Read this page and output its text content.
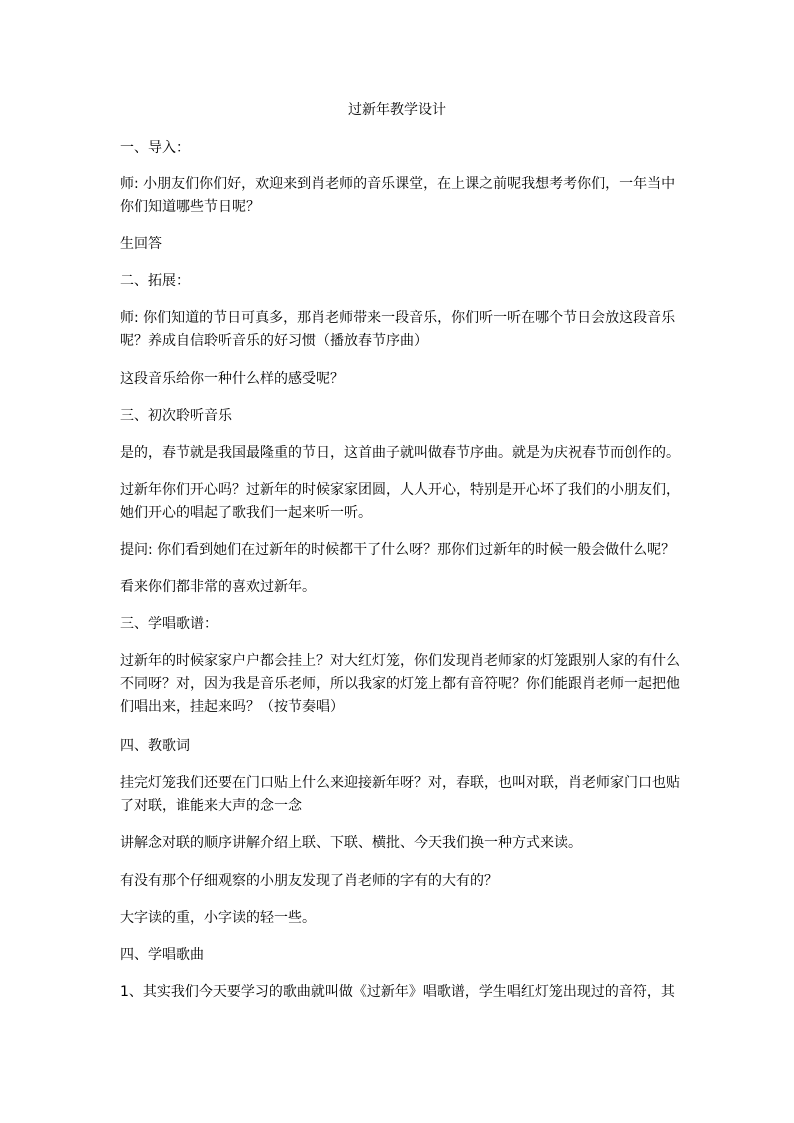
过新年教学设计
一、导入：
师: 小朋友们你们好，欢迎来到肖老师的音乐课堂，在上课之前呢我想考考你们，一年当中
你们知道哪些节日呢？
生回答
二、拓展：
师: 你们知道的节日可真多，那肖老师带来一段音乐，你们听一听在哪个节日会放这段音乐
呢？养成自信聆听音乐的好习惯（播放春节序曲）
这段音乐给你一种什么样的感受呢？
三、初次聆听音乐
是的，春节就是我国最隆重的节日，这首曲子就叫做春节序曲。就是为庆祝春节而创作的。
过新年你们开心吗？过新年的时候家家团圆，人人开心，特别是开心坏了我们的小朋友们，
她们开心的唱起了歌我们一起来听一听。
提问: 你们看到她们在过新年的时候都干了什么呀？那你们过新年的时候一般会做什么呢？
看来你们都非常的喜欢过新年。
三、学唱歌谱：
过新年的时候家家户户都会挂上？对大红灯笼，你们发现肖老师家的灯笼跟别人家的有什么
不同呀？对，因为我是音乐老师，所以我家的灯笼上都有音符呢？你们能跟肖老师一起把他
们唱出来，挂起来吗？（按节奏唱）
四、教歌词
挂完灯笼我们还要在门口贴上什么来迎接新年呀？对，春联，也叫对联，肖老师家门口也贴
了对联，谁能来大声的念一念
讲解念对联的顺序讲解介绍上联、下联、横批、今天我们换一种方式来读。
有没有那个仔细观察的小朋友发现了肖老师的字有的大有的？
大字读的重，小字读的轻一些。
四、学唱歌曲
1、其实我们今天要学习的歌曲就叫做《过新年》唱歌谱，学生唱红灯笼出现过的音符，其
